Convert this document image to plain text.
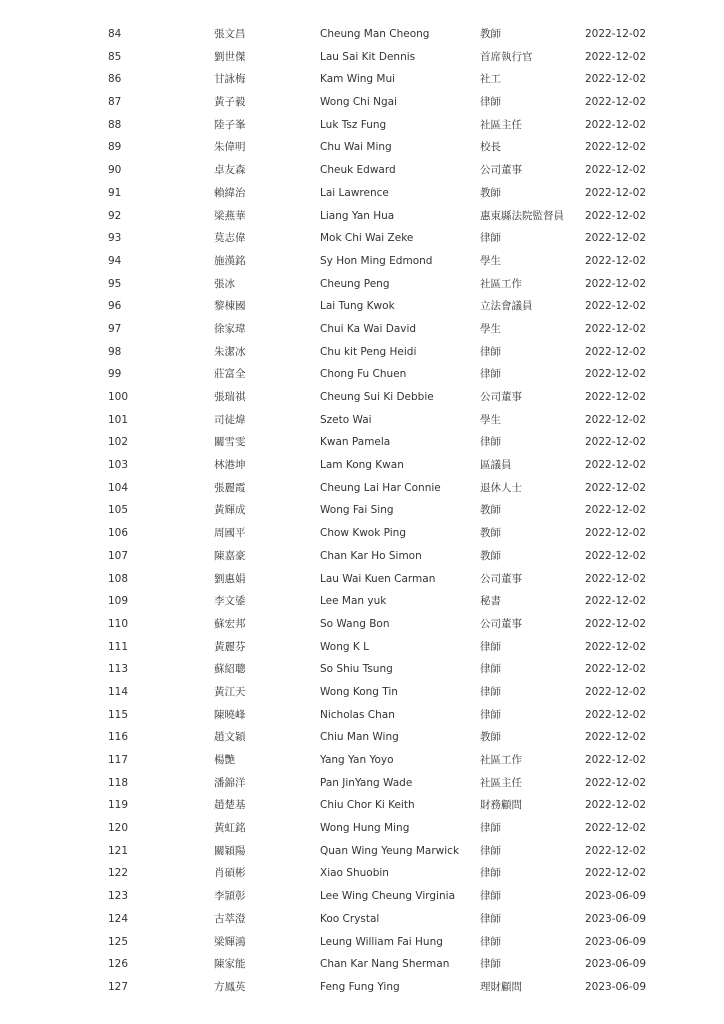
84	張文昌	Cheung Man Cheong	教師	2022-12-02
85	劉世傑	Lau Sai Kit Dennis	首席執行官	2022-12-02
86	甘詠梅	Kam Wing Mui	社工	2022-12-02
87	黃子毅	Wong Chi Ngai	律師	2022-12-02
88	陸子峯	Luk Tsz Fung	社區主任	2022-12-02
89	朱偉明	Chu Wai Ming	校長	2022-12-02
90	卓友森	Cheuk Edward	公司董事	2022-12-02
91	賴緯治	Lai Lawrence	教師	2022-12-02
92	梁燕華	Liang Yan Hua	惠東縣法院監督員 2022-12-02
93	莫志偉	Mok Chi Wai Zeke	律師	2022-12-02
94	施漢銘	Sy Hon Ming Edmond	學生	2022-12-02
95	張冰	Cheung Peng	社區工作	2022-12-02
96	黎棟國	Lai Tung Kwok	立法會議員	2022-12-02
97	徐家瑋	Chui Ka Wai David	學生	2022-12-02
98	朱潔冰	Chu kit Peng Heidi	律師	2022-12-02
99	莊富全	Chong Fu Chuen	律師	2022-12-02
100	張瑞祺	Cheung Sui Ki Debbie	公司董事	2022-12-02
101	司徒煒	Szeto Wai	學生	2022-12-02
102	關雪雯	Kwan Pamela	律師	2022-12-02
103	林港坤	Lam Kong Kwan	區議員	2022-12-02
104	張麗霞	Cheung Lai Har Connie	退休人士	2022-12-02
105	黃輝成	Wong Fai Sing	教師	2022-12-02
106	周國平	Chow Kwok Ping	教師	2022-12-02
107	陳嘉豪	Chan Kar Ho Simon	教師	2022-12-02
108	劉惠娟	Lau Wai Kuen Carman	公司董事	2022-12-02
109	李文鋈	Lee Man yuk	秘書	2022-12-02
110	蘇宏邦	So Wang Bon	公司董事	2022-12-02
111	黃麗芬	Wong K L	律師	2022-12-02
113	蘇紹聰	So Shiu Tsung	律師	2022-12-02
114	黃江天	Wong Kong Tin	律師	2022-12-02
115	陳曉峰	Nicholas Chan	律師	2022-12-02
116	趙文穎	Chiu Man Wing	教師	2022-12-02
117	楊艷	Yang Yan Yoyo	社區工作	2022-12-02
118	潘錦洋	Pan JinYang Wade	社區主任	2022-12-02
119	趙楚基	Chiu Chor Ki Keith	財務顧問	2022-12-02
120	黃虹銘	Wong Hung Ming	律師	2022-12-02
121	關穎陽	Quan Wing Yeung Marwick 律師	2022-12-02
122	肖碩彬	Xiao Shuobin	律師	2022-12-02
123	李頴彰	Lee Wing Cheung Virginia 律師	2023-06-09
124	古萃澄	Koo Crystal	律師	2023-06-09
125	梁輝鴻	Leung William Fai Hung	律師	2023-06-09
126	陳家能	Chan Kar Nang Sherman	律師	2023-06-09
127	方鳳英	Feng Fung Ying	理財顧問	2023-06-09
